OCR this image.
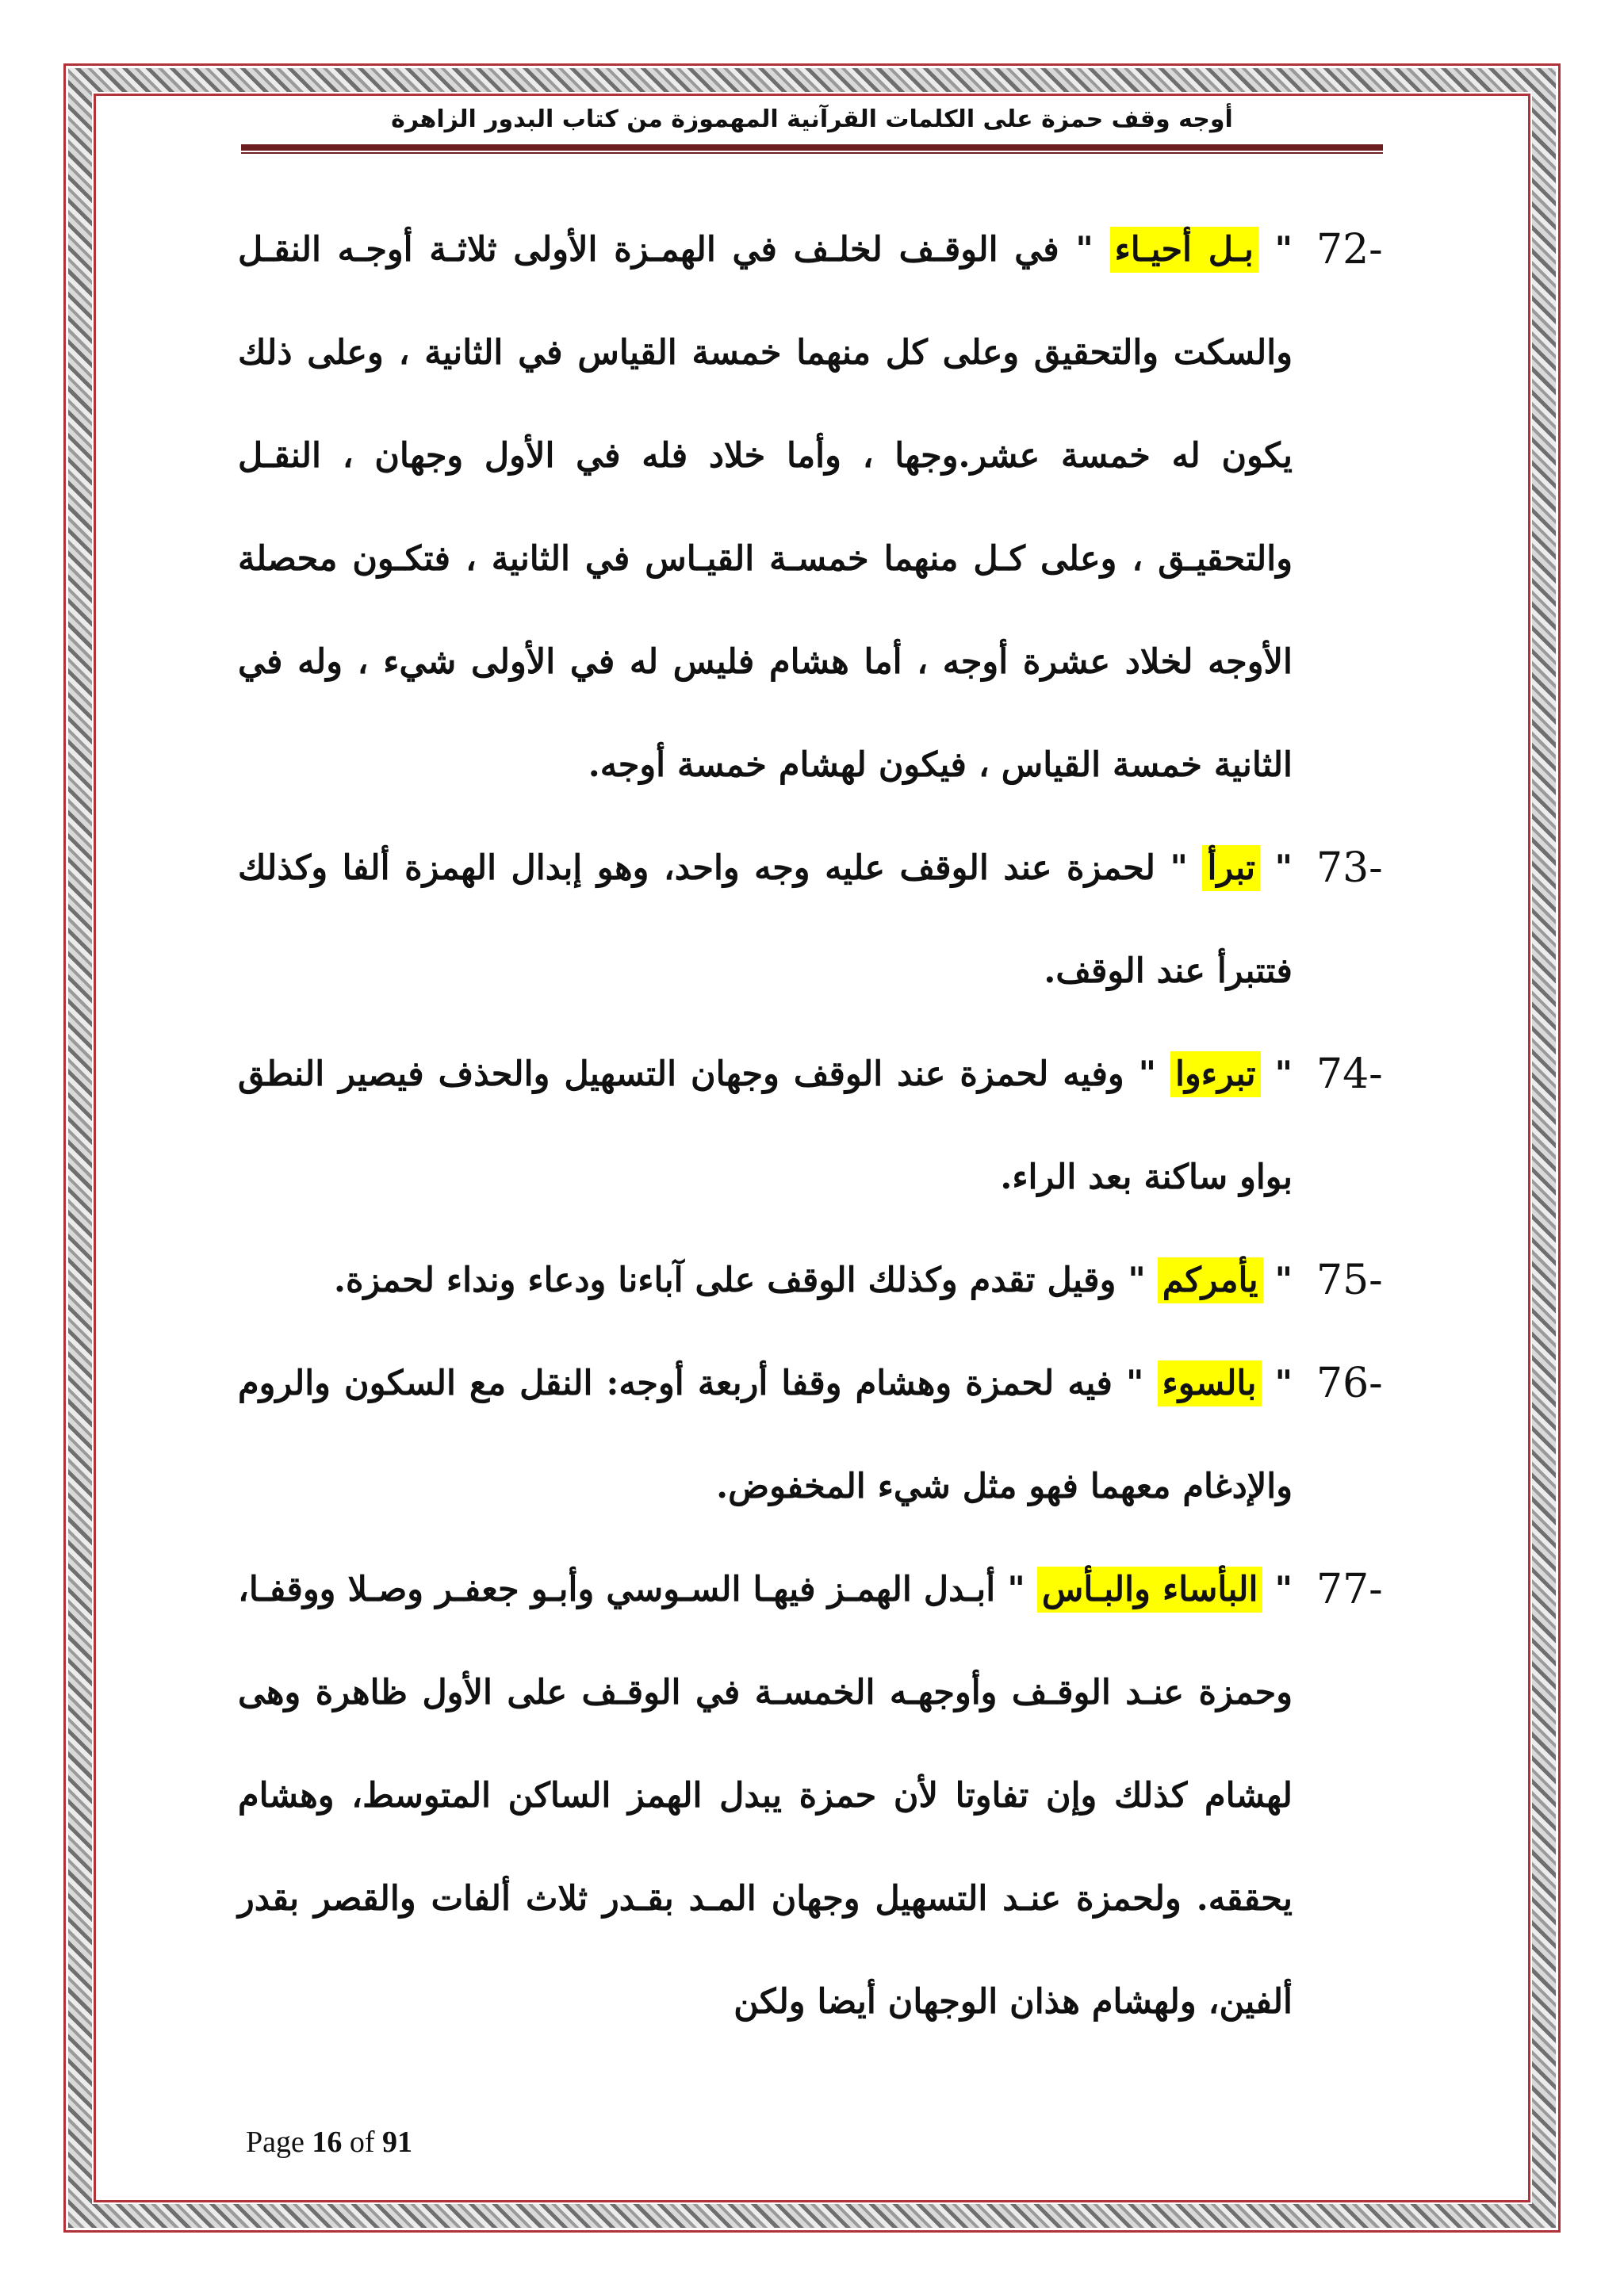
أوجه وقف حمزة على الكلمات القرآنية المهموزة من كتاب البدور الزاهرة
72-
" بـل أحيـاء " في الوقـف لخلـف في الهمـزة الأولى ثلاثـة أوجـه النقـل والسكت والتحقيق وعلى كل منهما خمسة القياس في الثانية ، وعلى ذلك يكون له خمسة عشر.وجها ، وأما خلاد فله في الأول وجهان ، النقـل والتحقيـق ، وعلى كـل منهما خمسـة القيـاس في الثانية ، فتكـون محصلة الأوجه لخلاد عشرة أوجه ، أما هشام فليس له في الأولى شيء ، وله في الثانية خمسة القياس ، فيكون لهشام خمسة أوجه.
73-
" تبرأ " لحمزة عند الوقف عليه وجه واحد، وهو إبدال الهمزة ألفا وكذلك فتتبرأ عند الوقف.
74-
" تبرءوا " وفيه لحمزة عند الوقف وجهان التسهيل والحذف فيصير النطق بواو ساكنة بعد الراء.
75-
" يأمركم " وقيل تقدم وكذلك الوقف على آباءنا ودعاء ونداء لحمزة.
76-
" بالسوء " فيه لحمزة وهشام وقفا أربعة أوجه: النقل مع السكون والروم والإدغام معهما فهو مثل شيء المخفوض.
77-
" البأساء والبـأس " أبـدل الهمـز فيهـا السـوسي وأبـو جعفـر وصـلا ووقفـا، وحمزة عنـد الوقـف وأوجهـه الخمسـة في الوقـف على الأول ظاهرة وهى لهشام كذلك وإن تفاوتا لأن حمزة يبدل الهمز الساكن المتوسط، وهشام يحققه. ولحمزة عنـد التسهيل وجهان المـد بقـدر ثلاث ألفات والقصر بقدر ألفين، ولهشام هذان الوجهان أيضا ولكن
Page 16 of 91
